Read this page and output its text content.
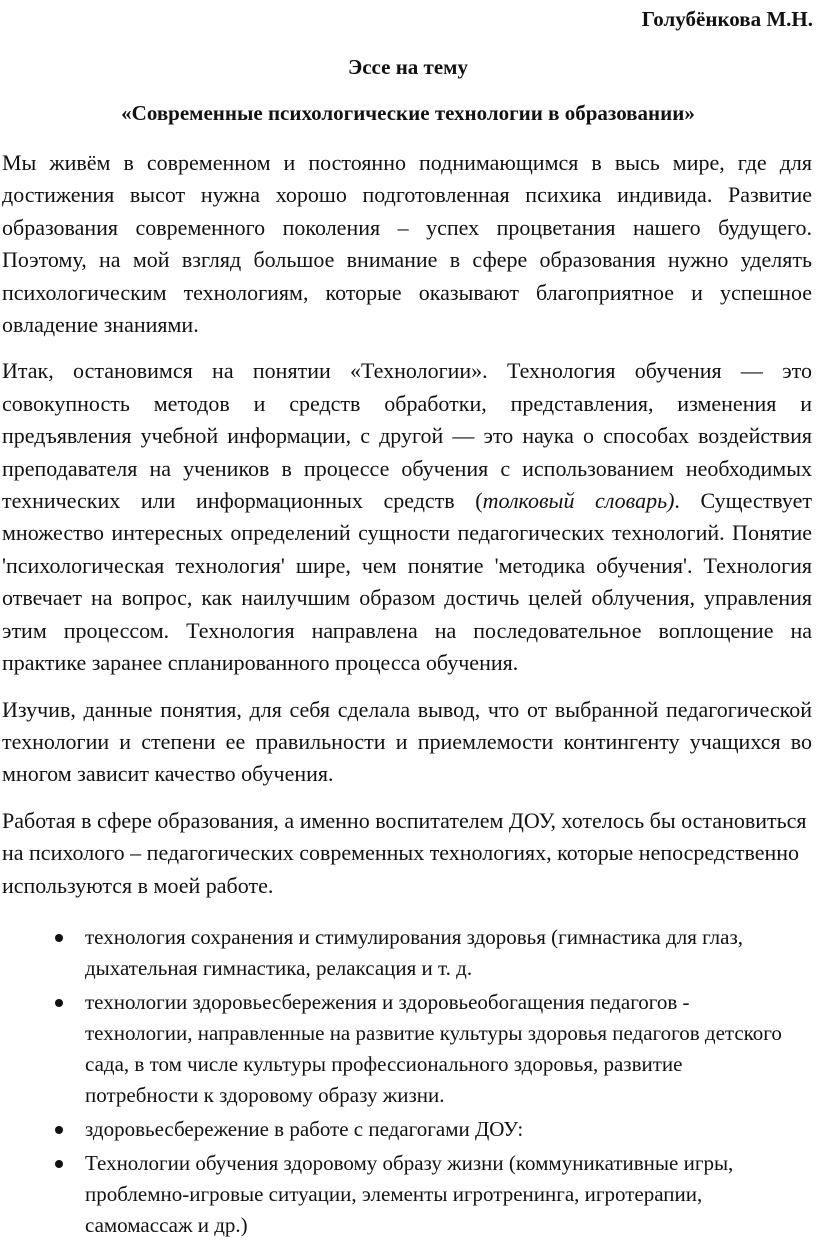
Голубёнкова М.Н.

Эссе на тему

«Современные психологические технологии в образовании»

Мы живём в современном и постоянно поднимающимся в высь мире, где для достижения высот нужна хорошо подготовленная психика индивида. Развитие образования современного поколения – успех процветания нашего будущего. Поэтому, на мой взгляд большое внимание в сфере образования нужно уделять психологическим технологиям, которые оказывают благоприятное и успешное овладение знаниями.

Итак, остановимся на понятии «Технологии». Технология обучения — это совокупность методов и средств обработки, представления, изменения и предъявления учебной информации, с другой — это наука о способах воздействия преподавателя на учеников в процессе обучения с использованием необходимых технических или информационных средств (толковый словарь). Существует множество интересных определений сущности педагогических технологий. Понятие 'психологическая технология' шире, чем понятие 'методика обучения'. Технология отвечает на вопрос, как наилучшим образом достичь целей облучения, управления этим процессом. Технология направлена на последовательное воплощение на практике заранее спланированного процесса обучения.

Изучив, данные понятия, для себя сделала вывод, что от выбранной педагогической технологии и степени ее правильности и приемлемости контингенту учащихся во многом зависит качество обучения.

Работая в сфере образования, а именно воспитателем ДОУ, хотелось бы остановиться на психолого – педагогических современных технологиях, которые непосредственно используются в моей работе.

технология сохранения и стимулирования здоровья (гимнастика для глаз, дыхательная гимнастика, релаксация и т. д.
технологии здоровьесбережения и здоровьеобогащения педагогов - технологии, направленные на развитие культуры здоровья педагогов детского сада, в том числе культуры профессионального здоровья, развитие потребности к здоровому образу жизни.
здоровьесбережение в работе с педагогами ДОУ:
Технологии обучения здоровому образу жизни (коммуникативные игры, проблемно-игровые ситуации, элементы игротренинга, игротерапии, самомассаж и др.)
